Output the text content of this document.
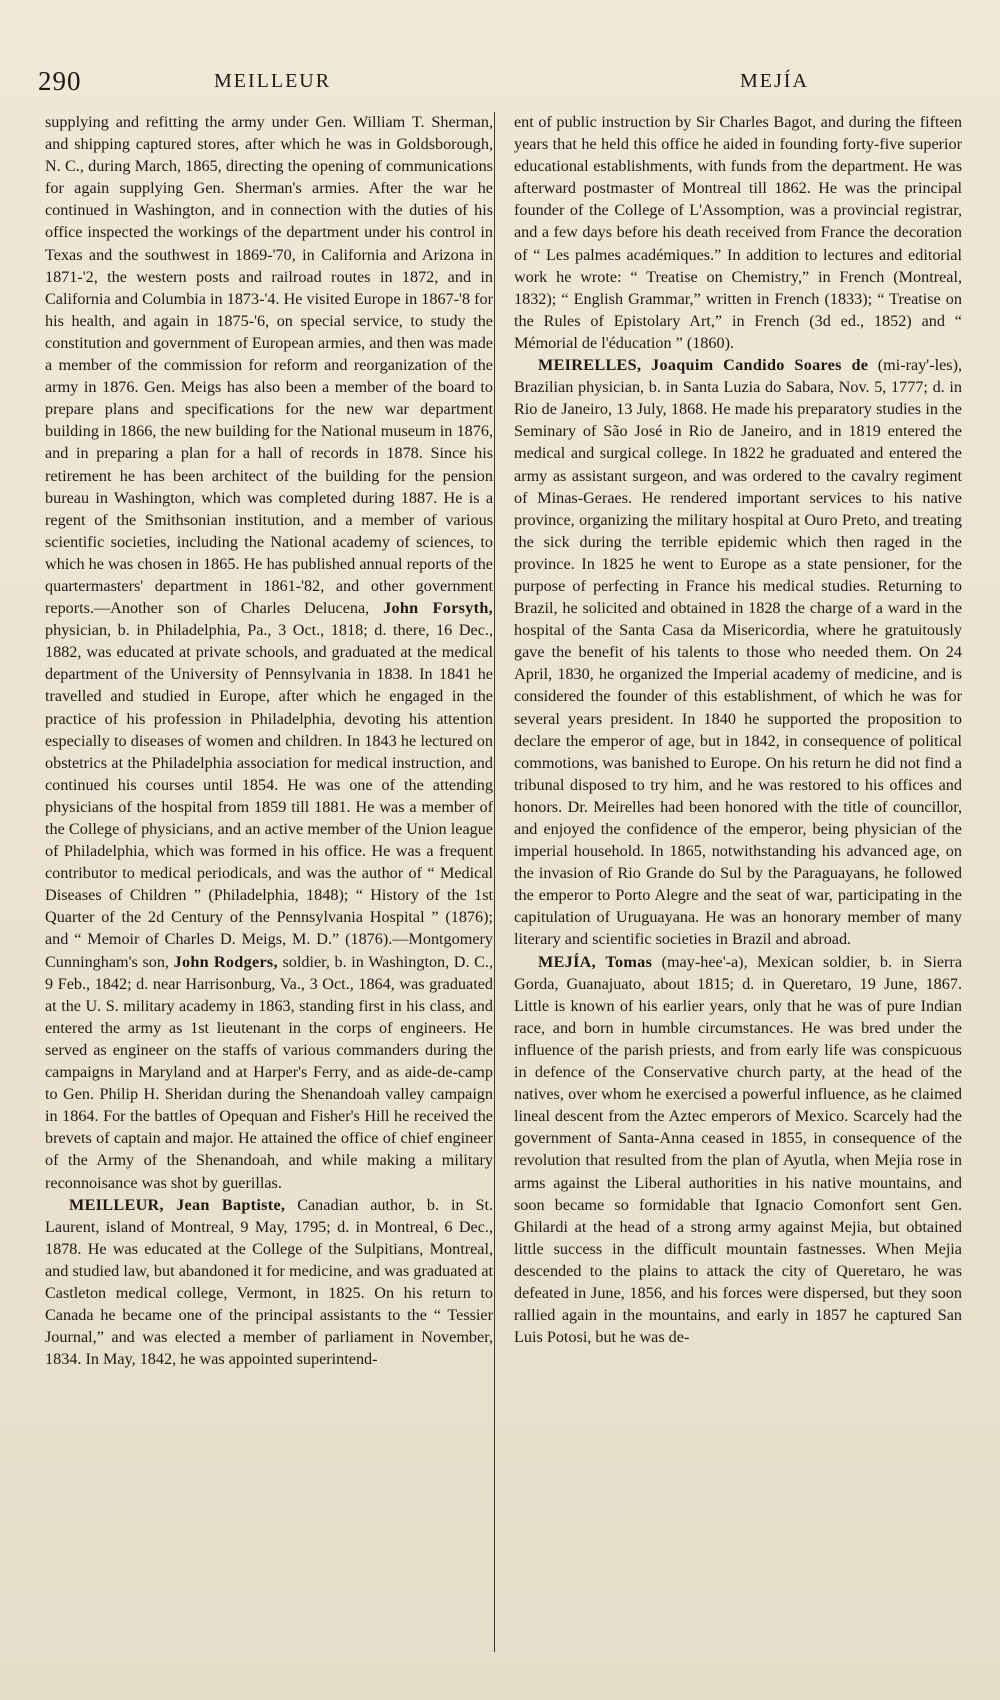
290	MEILLEUR	MEJÍA

supplying and refitting the army under Gen. William T. Sherman, and shipping captured stores, after which he was in Goldsborough, N. C., during March, 1865, directing the opening of communications for again supplying Gen. Sherman's armies. After the war he continued in Washington, and in connection with the duties of his office inspected the workings of the department under his control in Texas and the southwest in 1869-'70, in California and Arizona in 1871-'2, the western posts and railroad routes in 1872, and in California and Columbia in 1873-'4. He visited Europe in 1867-'8 for his health, and again in 1875-'6, on special service, to study the constitution and government of European armies, and then was made a member of the commission for reform and reorganization of the army in 1876. Gen. Meigs has also been a member of the board to prepare plans and specifications for the new war department building in 1866, the new building for the National museum in 1876, and in preparing a plan for a hall of records in 1878. Since his retirement he has been architect of the building for the pension bureau in Washington, which was completed during 1887. He is a regent of the Smithsonian institution, and a member of various scientific societies, including the National academy of sciences, to which he was chosen in 1865. He has published annual reports of the quartermasters' department in 1861-'82, and other government reports.—Another son of Charles Delucena, John Forsyth, physician, b. in Philadelphia, Pa., 3 Oct., 1818; d. there, 16 Dec., 1882, was educated at private schools, and graduated at the medical department of the University of Pennsylvania in 1838. In 1841 he travelled and studied in Europe, after which he engaged in the practice of his profession in Philadelphia, devoting his attention especially to diseases of women and children. In 1843 he lectured on obstetrics at the Philadelphia association for medical instruction, and continued his courses until 1854. He was one of the attending physicians of the hospital from 1859 till 1881. He was a member of the College of physicians, and an active member of the Union league of Philadelphia, which was formed in his office. He was a frequent contributor to medical periodicals, and was the author of “ Medical Diseases of Children ” (Philadelphia, 1848); “ History of the 1st Quarter of the 2d Century of the Pennsylvania Hospital ” (1876); and “ Memoir of Charles D. Meigs, M. D.” (1876).—Montgomery Cunningham's son, John Rodgers, soldier, b. in Washington, D. C., 9 Feb., 1842; d. near Harrisonburg, Va., 3 Oct., 1864, was graduated at the U. S. military academy in 1863, standing first in his class, and entered the army as 1st lieutenant in the corps of engineers. He served as engineer on the staffs of various commanders during the campaigns in Maryland and at Harper's Ferry, and as aide-de-camp to Gen. Philip H. Sheridan during the Shenandoah valley campaign in 1864. For the battles of Opequan and Fisher's Hill he received the brevets of captain and major. He attained the office of chief engineer of the Army of the Shenandoah, and while making a military reconnoisance was shot by guerillas.

MEILLEUR, Jean Baptiste, Canadian author, b. in St. Laurent, island of Montreal, 9 May, 1795; d. in Montreal, 6 Dec., 1878. He was educated at the College of the Sulpitians, Montreal, and studied law, but abandoned it for medicine, and was graduated at Castleton medical college, Vermont, in 1825. On his return to Canada he became one of the principal assistants to the “ Tessier Journal,” and was elected a member of parliament in November, 1834. In May, 1842, he was appointed superintend-

ent of public instruction by Sir Charles Bagot, and during the fifteen years that he held this office he aided in founding forty-five superior educational establishments, with funds from the department. He was afterward postmaster of Montreal till 1862. He was the principal founder of the College of L'Assomption, was a provincial registrar, and a few days before his death received from France the decoration of “ Les palmes académiques.” In addition to lectures and editorial work he wrote: “ Treatise on Chemistry,” in French (Montreal, 1832); “ English Grammar,” written in French (1833); “ Treatise on the Rules of Epistolary Art,” in French (3d ed., 1852) and “ Mémorial de l'éducation ” (1860).

MEIRELLES, Joaquim Candido Soares de (mi-ray'-les), Brazilian physician, b. in Santa Luzia do Sabara, Nov. 5, 1777; d. in Rio de Janeiro, 13 July, 1868. He made his preparatory studies in the Seminary of São José in Rio de Janeiro, and in 1819 entered the medical and surgical college. In 1822 he graduated and entered the army as assistant surgeon, and was ordered to the cavalry regiment of Minas-Geraes. He rendered important services to his native province, organizing the military hospital at Ouro Preto, and treating the sick during the terrible epidemic which then raged in the province. In 1825 he went to Europe as a state pensioner, for the purpose of perfecting in France his medical studies. Returning to Brazil, he solicited and obtained in 1828 the charge of a ward in the hospital of the Santa Casa da Misericordia, where he gratuitously gave the benefit of his talents to those who needed them. On 24 April, 1830, he organized the Imperial academy of medicine, and is considered the founder of this establishment, of which he was for several years president. In 1840 he supported the proposition to declare the emperor of age, but in 1842, in consequence of political commotions, was banished to Europe. On his return he did not find a tribunal disposed to try him, and he was restored to his offices and honors. Dr. Meirelles had been honored with the title of councillor, and enjoyed the confidence of the emperor, being physician of the imperial household. In 1865, notwithstanding his advanced age, on the invasion of Rio Grande do Sul by the Paraguayans, he followed the emperor to Porto Alegre and the seat of war, participating in the capitulation of Uruguayana. He was an honorary member of many literary and scientific societies in Brazil and abroad.

MEJÍA, Tomas (may-hee'-a), Mexican soldier, b. in Sierra Gorda, Guanajuato, about 1815; d. in Queretaro, 19 June, 1867. Little is known of his earlier years, only that he was of pure Indian race, and born in humble circumstances. He was bred under the influence of the parish priests, and from early life was conspicuous in defence of the Conservative church party, at the head of the natives, over whom he exercised a powerful influence, as he claimed lineal descent from the Aztec emperors of Mexico. Scarcely had the government of Santa-Anna ceased in 1855, in consequence of the revolution that resulted from the plan of Ayutla, when Mejia rose in arms against the Liberal authorities in his native mountains, and soon became so formidable that Ignacio Comonfort sent Gen. Ghilardi at the head of a strong army against Mejia, but obtained little success in the difficult mountain fastnesses. When Mejia descended to the plains to attack the city of Queretaro, he was defeated in June, 1856, and his forces were dispersed, but they soon rallied again in the mountains, and early in 1857 he captured San Luis Potosi, but he was de-
